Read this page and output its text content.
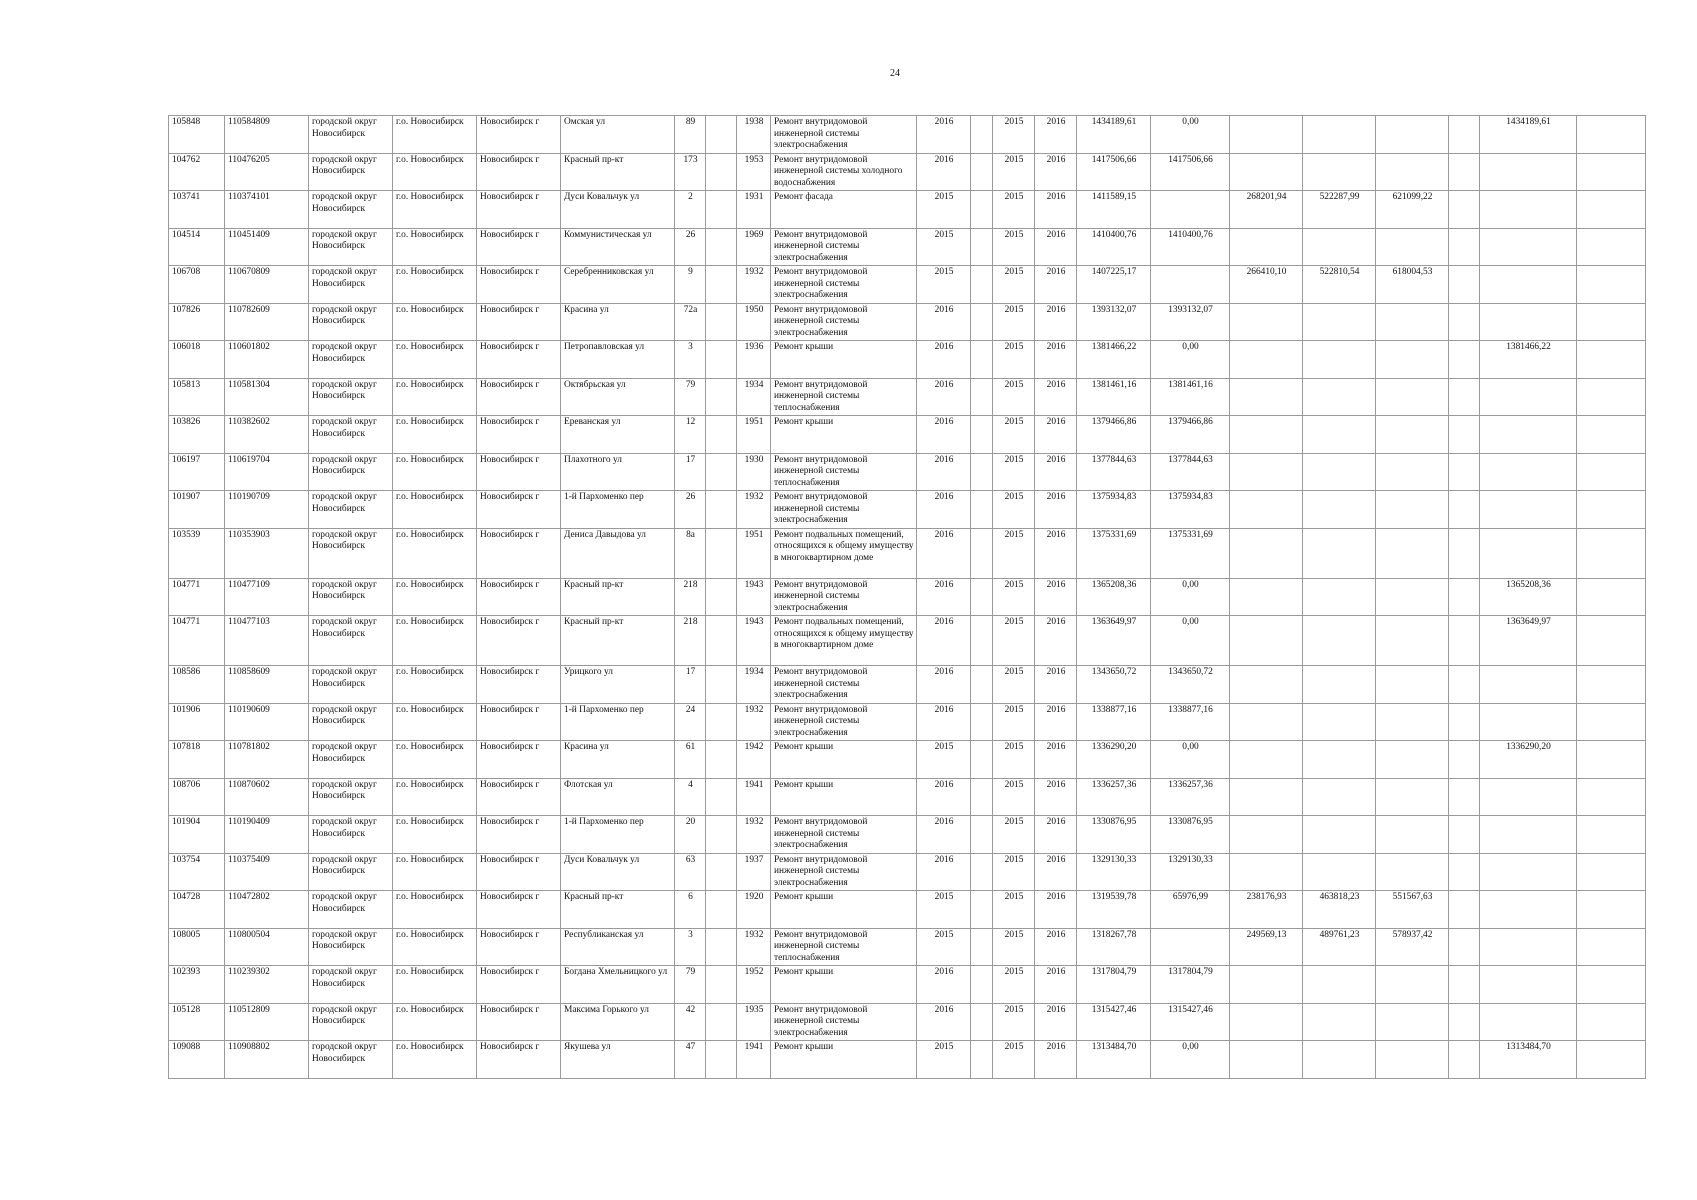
24
105848	110584809	городской округ Новосибирск	г.о. Новосибирск	Новосибирск г	Омская ул	89		1938	Ремонт внутридомовой инженерной системы электроснабжения	2016		2015	2016	1434189,61	0,00					1434189,61	
104762	110476205	городской округ Новосибирск	г.о. Новосибирск	Новосибирск г	Красный пр-кт	173		1953	Ремонт внутридомовой инженерной системы холодного водоснабжения	2016		2015	2016	1417506,66	1417506,66						
103741	110374101	городской округ Новосибирск	г.о. Новосибирск	Новосибирск г	Дуси Ковальчук ул	2		1931	Ремонт фасада	2015		2015	2016	1411589,15		268201,94	522287,99	621099,22			
104514	110451409	городской округ Новосибирск	г.о. Новосибирск	Новосибирск г	Коммунистическая ул	26		1969	Ремонт внутридомовой инженерной системы электроснабжения	2015		2015	2016	1410400,76	1410400,76						
106708	110670809	городской округ Новосибирск	г.о. Новосибирск	Новосибирск г	Серебренниковская ул	9		1932	Ремонт внутридомовой инженерной системы электроснабжения	2015		2015	2016	1407225,17		266410,10	522810,54	618004,53			
107826	110782609	городской округ Новосибирск	г.о. Новосибирск	Новосибирск г	Красина ул	72а		1950	Ремонт внутридомовой инженерной системы электроснабжения	2016		2015	2016	1393132,07	1393132,07						
106018	110601802	городской округ Новосибирск	г.о. Новосибирск	Новосибирск г	Петропавловская ул	3		1936	Ремонт крыши	2016		2015	2016	1381466,22	0,00					1381466,22	
105813	110581304	городской округ Новосибирск	г.о. Новосибирск	Новосибирск г	Октябрьская ул	79		1934	Ремонт внутридомовой инженерной системы теплоснабжения	2016		2015	2016	1381461,16	1381461,16						
103826	110382602	городской округ Новосибирск	г.о. Новосибирск	Новосибирск г	Ереванская ул	12		1951	Ремонт крыши	2016		2015	2016	1379466,86	1379466,86						
106197	110619704	городской округ Новосибирск	г.о. Новосибирск	Новосибирск г	Плахотного ул	17		1930	Ремонт внутридомовой инженерной системы теплоснабжения	2016		2015	2016	1377844,63	1377844,63						
101907	110190709	городской округ Новосибирск	г.о. Новосибирск	Новосибирск г	1-й Пархоменко пер	26		1932	Ремонт внутридомовой инженерной системы электроснабжения	2016		2015	2016	1375934,83	1375934,83						
103539	110353903	городской округ Новосибирск	г.о. Новосибирск	Новосибирск г	Дениса Давыдова ул	8а		1951	Ремонт подвальных помещений, относящихся к общему имуществу в многоквартирном доме	2016		2015	2016	1375331,69	1375331,69						
104771	110477109	городской округ Новосибирск	г.о. Новосибирск	Новосибирск г	Красный пр-кт	218		1943	Ремонт внутридомовой инженерной системы электроснабжения	2016		2015	2016	1365208,36	0,00					1365208,36	
104771	110477103	городской округ Новосибирск	г.о. Новосибирск	Новосибирск г	Красный пр-кт	218		1943	Ремонт подвальных помещений, относящихся к общему имуществу в многоквартирном доме	2016		2015	2016	1363649,97	0,00					1363649,97	
108586	110858609	городской округ Новосибирск	г.о. Новосибирск	Новосибирск г	Урицкого ул	17		1934	Ремонт внутридомовой инженерной системы электроснабжения	2016		2015	2016	1343650,72	1343650,72						
101906	110190609	городской округ Новосибирск	г.о. Новосибирск	Новосибирск г	1-й Пархоменко пер	24		1932	Ремонт внутридомовой инженерной системы электроснабжения	2016		2015	2016	1338877,16	1338877,16						
107818	110781802	городской округ Новосибирск	г.о. Новосибирск	Новосибирск г	Красина ул	61		1942	Ремонт крыши	2015		2015	2016	1336290,20	0,00					1336290,20	
108706	110870602	городской округ Новосибирск	г.о. Новосибирск	Новосибирск г	Флотская ул	4		1941	Ремонт крыши	2016		2015	2016	1336257,36	1336257,36						
101904	110190409	городской округ Новосибирск	г.о. Новосибирск	Новосибирск г	1-й Пархоменко пер	20		1932	Ремонт внутридомовой инженерной системы электроснабжения	2016		2015	2016	1330876,95	1330876,95						
103754	110375409	городской округ Новосибирск	г.о. Новосибирск	Новосибирск г	Дуси Ковальчук ул	63		1937	Ремонт внутридомовой инженерной системы электроснабжения	2016		2015	2016	1329130,33	1329130,33						
104728	110472802	городской округ Новосибирск	г.о. Новосибирск	Новосибирск г	Красный пр-кт	6		1920	Ремонт крыши	2015		2015	2016	1319539,78	65976,99	238176,93	463818,23	551567,63			
108005	110800504	городской округ Новосибирск	г.о. Новосибирск	Новосибирск г	Республиканская ул	3		1932	Ремонт внутридомовой инженерной системы теплоснабжения	2015		2015	2016	1318267,78		249569,13	489761,23	578937,42			
102393	110239302	городской округ Новосибирск	г.о. Новосибирск	Новосибирск г	Богдана Хмельницкого ул	79		1952	Ремонт крыши	2016		2015	2016	1317804,79	1317804,79						
105128	110512809	городской округ Новосибирск	г.о. Новосибирск	Новосибирск г	Максима Горького ул	42		1935	Ремонт внутридомовой инженерной системы электроснабжения	2016		2015	2016	1315427,46	1315427,46						
109088	110908802	городской округ Новосибирск	г.о. Новосибирск	Новосибирск г	Якушева ул	47		1941	Ремонт крыши	2015		2015	2016	1313484,70	0,00					1313484,70	
